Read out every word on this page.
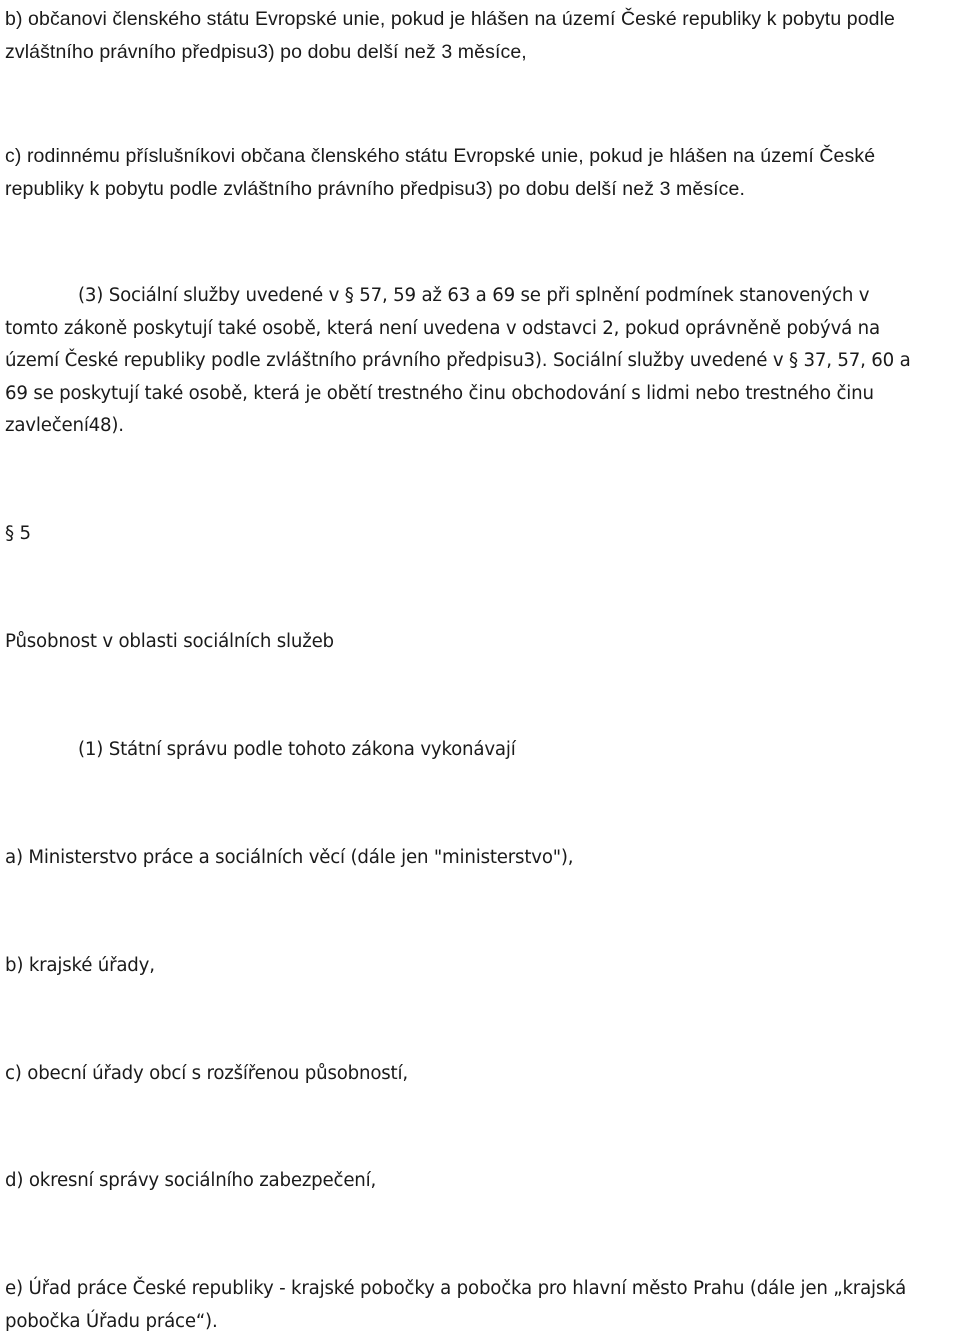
b) občanovi členského státu Evropské unie, pokud je hlášen na území České republiky k pobytu podle
zvláštního právního předpisu3) po dobu delší než 3 měsíce,

c) rodinnému příslušníkovi občana členského státu Evropské unie, pokud je hlášen na území České
republiky k pobytu podle zvláštního právního předpisu3) po dobu delší než 3 měsíce.

(3) Sociální služby uvedené v § 57, 59 až 63 a 69 se při splnění podmínek stanovených v
tomto zákoně poskytují také osobě, která není uvedena v odstavci 2, pokud oprávněně pobývá na
území České republiky podle zvláštního právního předpisu3). Sociální služby uvedené v § 37, 57, 60 a
69 se poskytují také osobě, která je obětí trestného činu obchodování s lidmi nebo trestného činu
zavlečení48).

§ 5

Působnost v oblasti sociálních služeb

(1) Státní správu podle tohoto zákona vykonávají

a) Ministerstvo práce a sociálních věcí (dále jen "ministerstvo"),

b) krajské úřady,

c) obecní úřady obcí s rozšířenou působností,

d) okresní správy sociálního zabezpečení,

e) Úřad práce České republiky - krajské pobočky a pobočka pro hlavní město Prahu (dále jen „krajská
pobočka Úřadu práce“).
